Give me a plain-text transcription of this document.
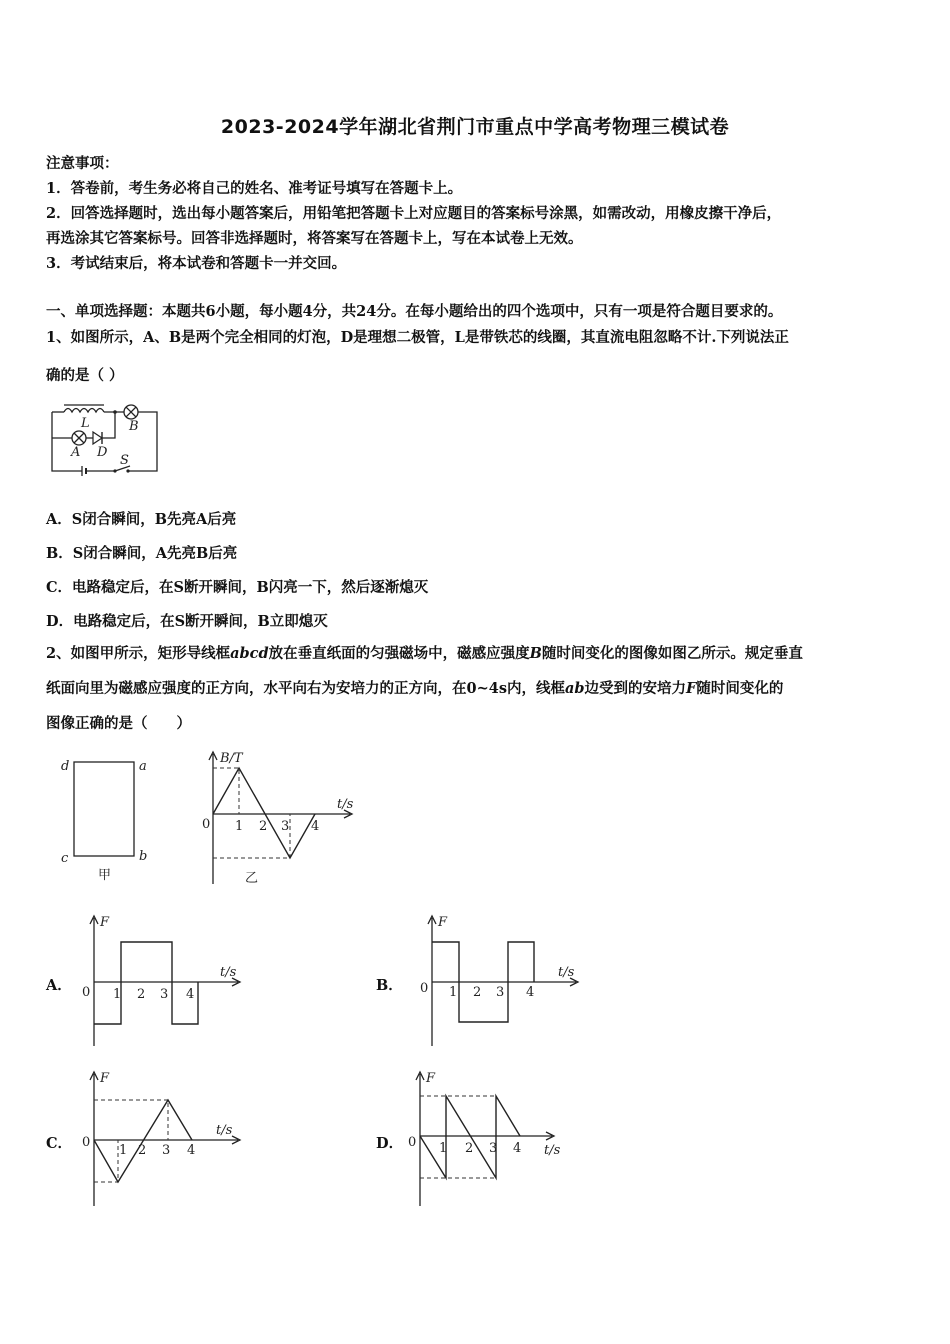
2023-2024学年湖北省荆门市重点中学高考物理三模试卷
注意事项：
1．答卷前，考生务必将自己的姓名、准考证号填写在答题卡上。
2．回答选择题时，选出每小题答案后，用铅笔把答题卡上对应题目的答案标号涂黑，如需改动，用橡皮擦干净后，
再选涂其它答案标号。回答非选择题时，将答案写在答题卡上，写在本试卷上无效。
3．考试结束后，将本试卷和答题卡一并交回。
一、单项选择题：本题共6小题，每小题4分，共24分。在每小题给出的四个选项中，只有一项是符合题目要求的。
1、如图所示，A、B是两个完全相同的灯泡，D是理想二极管，L是带铁芯的线圈，其直流电阻忽略不计.下列说法正
确的是（ ）
L	B
A D
S
A．S闭合瞬间，B先亮A后亮
B．S闭合瞬间，A先亮B后亮
C．电路稳定后，在S断开瞬间，B闪亮一下，然后逐渐熄灭
D．电路稳定后，在S断开瞬间，B立即熄灭
2、如图甲所示，矩形导线框abcd放在垂直纸面的匀强磁场中，磁感应强度B随时间变化的图像如图乙所示。规定垂直
纸面向里为磁感应强度的正方向，水平向右为安培力的正方向，在0~4s内，线框ab边受到的安培力F随时间变化的
图像正确的是（　　）
d	a
c	b
甲
B/T
t/s
0 1 2 3 4
乙
A．
F
t/s
0 1 2 3 4
B．
F
t/s
0 1 2 3 4
C．
F
t/s
0
1 2 3 4	D．
F
t/s
0 1 2 3 4
